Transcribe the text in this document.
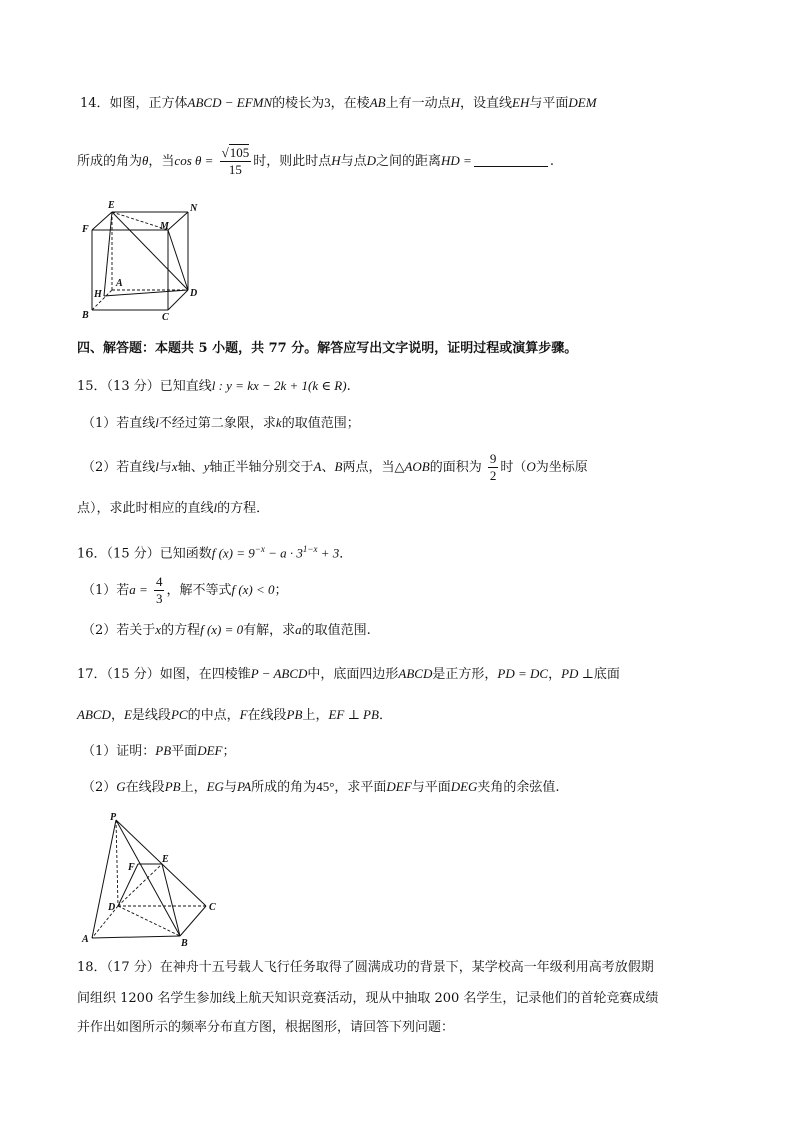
14．如图，正方体ABCD − EFMN的棱长为3，在棱AB上有一动点H，设直线EH与平面DEM
所成的角为θ，当$\cos \theta = \frac{√105}{15}$ 时，则此时点H与点D之间的距离HD =	.
E	N
F	M
A
H	D
B	C
四、解答题：本题共 5 小题，共 77 分。解答应写出文字说明，证明过程或演算步骤。
15．（13 分）已知直线l : y = kx − 2k + 1(k ∈ R).
（1）若直线l不经过第二象限，求k的取值范围；
（2）若直线l与x轴、y轴正半轴分别交于A、B两点，当△AOB的面积为 $\frac{9}{2}$ 时（O为坐标原
点），求此时相应的直线l的方程．
16．（15 分）已知函数f $(x) = 9^{-x} - a \cdot 3^{1-x} + 3$．
（1）若$a = \frac{4}{3}$ ，解不等式f (x) < 0；
（2）若关于x的方程f (x) = 0有解，求a的取值范围.
17．（15 分）如图，在四棱锥P − ABCD中，底面四边形ABCD是正方形，PD = DC，PD ⊥底面
ABCD，E是线段PC的中点，F在线段PB上，EF ⊥ PB．
（1）证明：PB平面DEF；
（2）G在线段PB上，EG与PA所成的角为45°，求平面DEF与平面DEG夹角的余弦值.
P
E
F
D	C
A	B
18．（17 分）在神舟十五号载人飞行任务取得了圆满成功的背景下，某学校高一年级利用高考放假期
间组织 1200 名学生参加线上航天知识竞赛活动，现从中抽取 200 名学生，记录他们的首轮竞赛成绩
并作出如图所示的频率分布直方图，根据图形，请回答下列问题：
